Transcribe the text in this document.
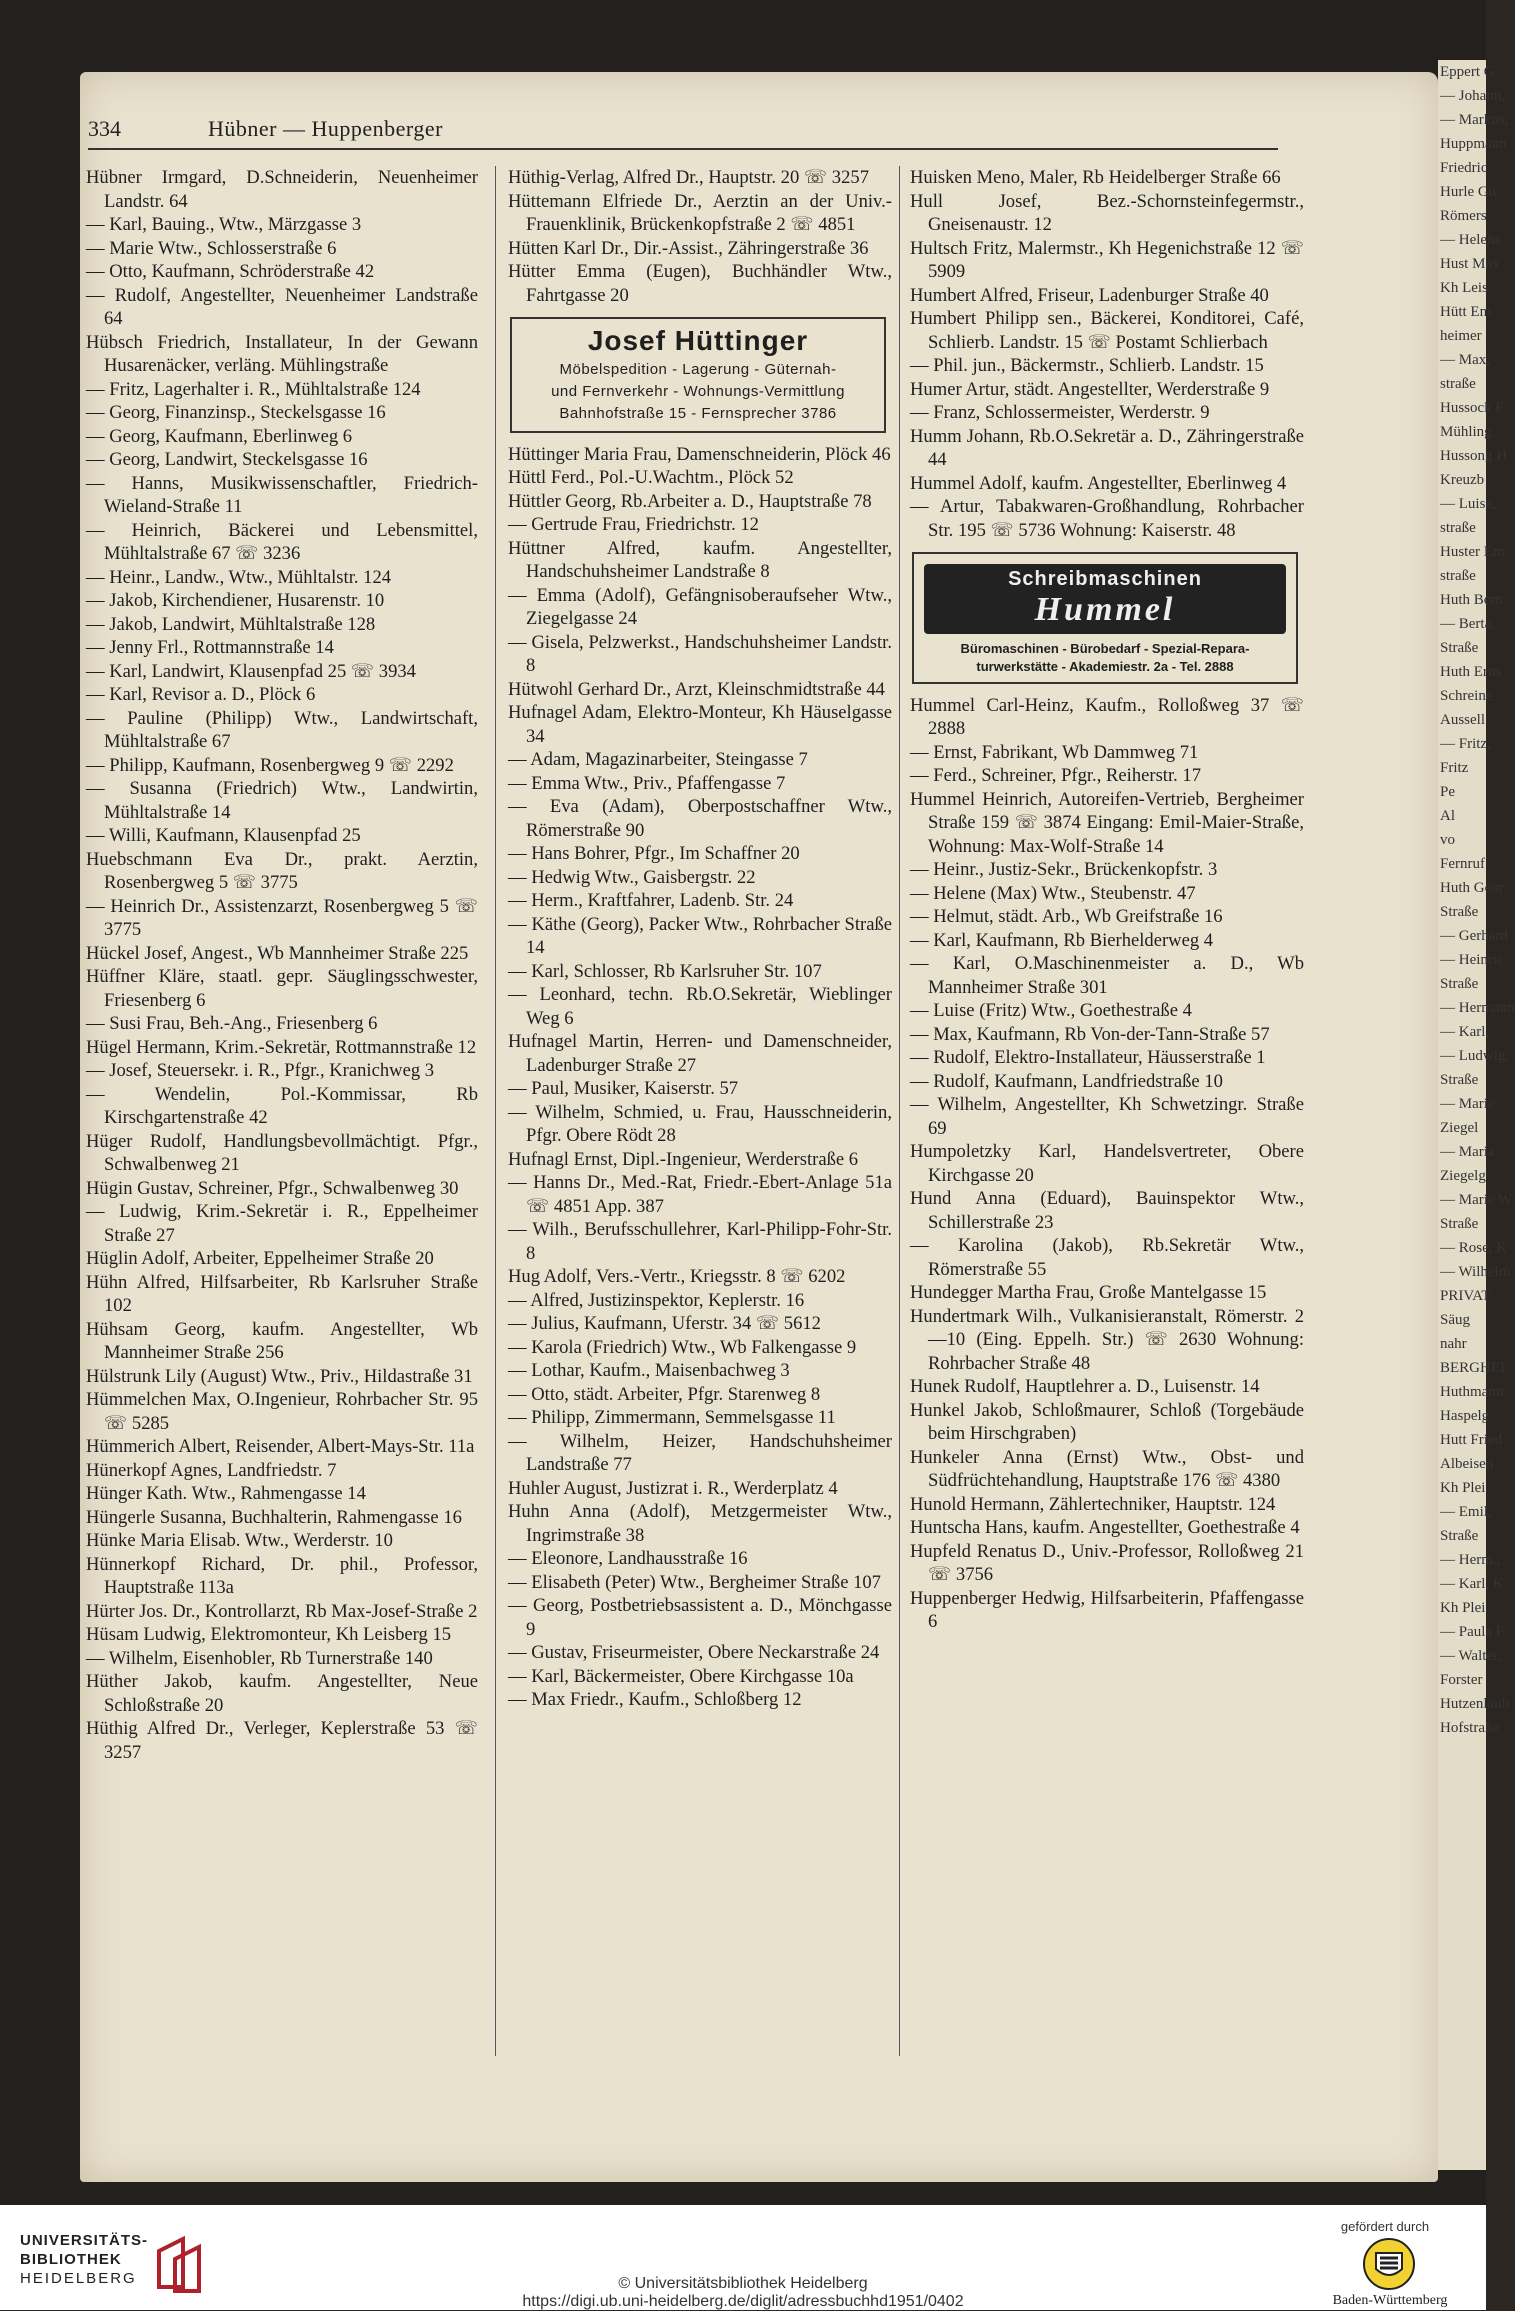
Eppert G
— Johann,
— Markus,
Huppmann
Friedric
Hurle Gu
Römers
— Helene
Hust Max
Kh Leis
Hütt Em
heimer
— Max,
straße
Hussock F
Mühling
Hussong H
Kreuzb
— Luise,
straße
Huster Em
straße
Huth Bern
— Berta,
Straße
Huth Erns
Schreine
Aussell
— Fritz,
Fritz
Pe
Al
vo
Fernruf
Huth Geor
Straße
— Gerhard
— Heinric
Straße
— Hermann
— Karl,
— Ludwig,
Straße
— Marie
Ziegel
— Maria
Ziegelg
— Marie W
Straße
— Rose, K
— Wilhelm
PRIVAT
Säug
nahr
BERGHEI
Huthmann
Haspelg
Hutt Fried
Albeisen
Kh Plei
— Emil,
Straße
— Herm.,
— Karl, K
Kh Plei
— Paula F
— Walter,
Forster
Hutzenlaub
Hofstraße
334	Hübner — Huppenberger

Hübner Irmgard, D.Schneiderin, Neuenheimer Landstr. 64

— Karl, Bauing., Wtw., Märzgasse 3

— Marie Wtw., Schlosserstraße 6

— Otto, Kaufmann, Schröderstraße 42

— Rudolf, Angestellter, Neuenheimer Landstraße 64

Hübsch Friedrich, Installateur, In der Gewann Husarenäcker, verläng. Mühlingstraße

— Fritz, Lagerhalter i. R., Mühltalstraße 124

— Georg, Finanzinsp., Steckelsgasse 16

— Georg, Kaufmann, Eberlinweg 6

— Georg, Landwirt, Steckelsgasse 16

— Hanns, Musikwissenschaftler, Friedrich-Wieland-Straße 11

— Heinrich, Bäckerei und Lebensmittel, Mühltalstraße 67 ☏ 3236

— Heinr., Landw., Wtw., Mühltalstr. 124

— Jakob, Kirchendiener, Husarenstr. 10

— Jakob, Landwirt, Mühltalstraße 128

— Jenny Frl., Rottmannstraße 14

— Karl, Landwirt, Klausenpfad 25 ☏ 3934

— Karl, Revisor a. D., Plöck 6

— Pauline (Philipp) Wtw., Landwirtschaft, Mühltalstraße 67

— Philipp, Kaufmann, Rosenbergweg 9 ☏ 2292

— Susanna (Friedrich) Wtw., Landwirtin, Mühltalstraße 14

— Willi, Kaufmann, Klausenpfad 25

Huebschmann Eva Dr., prakt. Aerztin, Rosenbergweg 5 ☏ 3775

— Heinrich Dr., Assistenzarzt, Rosenbergweg 5 ☏ 3775

Hückel Josef, Angest., Wb Mannheimer Straße 225

Hüffner Kläre, staatl. gepr. Säuglingsschwester, Friesenberg 6

— Susi Frau, Beh.-Ang., Friesenberg 6

Hügel Hermann, Krim.-Sekretär, Rottmannstraße 12

— Josef, Steuersekr. i. R., Pfgr., Kranichweg 3

— Wendelin, Pol.-Kommissar, Rb Kirschgartenstraße 42

Hüger Rudolf, Handlungsbevollmächtigt. Pfgr., Schwalbenweg 21

Hügin Gustav, Schreiner, Pfgr., Schwalbenweg 30

— Ludwig, Krim.-Sekretär i. R., Eppelheimer Straße 27

Hüglin Adolf, Arbeiter, Eppelheimer Straße 20

Hühn Alfred, Hilfsarbeiter, Rb Karlsruher Straße 102

Hühsam Georg, kaufm. Angestellter, Wb Mannheimer Straße 256

Hülstrunk Lily (August) Wtw., Priv., Hildastraße 31

Hümmelchen Max, O.Ingenieur, Rohrbacher Str. 95 ☏ 5285

Hümmerich Albert, Reisender, Albert-Mays-Str. 11a

Hünerkopf Agnes, Landfriedstr. 7

Hünger Kath. Wtw., Rahmengasse 14

Hüngerle Susanna, Buchhalterin, Rahmengasse 16

Hünke Maria Elisab. Wtw., Werderstr. 10

Hünnerkopf Richard, Dr. phil., Professor, Hauptstraße 113a

Hürter Jos. Dr., Kontrollarzt, Rb Max-Josef-Straße 2

Hüsam Ludwig, Elektromonteur, Kh Leisberg 15

— Wilhelm, Eisenhobler, Rb Turnerstraße 140

Hüther Jakob, kaufm. Angestellter, Neue Schloßstraße 20

Hüthig Alfred Dr., Verleger, Keplerstraße 53 ☏ 3257

Hüthig-Verlag, Alfred Dr., Hauptstr. 20 ☏ 3257

Hüttemann Elfriede Dr., Aerztin an der Univ.-Frauenklinik, Brückenkopfstraße 2 ☏ 4851

Hütten Karl Dr., Dir.-Assist., Zähringerstraße 36

Hütter Emma (Eugen), Buchhändler Wtw., Fahrtgasse 20

Josef Hüttinger
Möbelspedition - Lagerung - Güternah-
und Fernverkehr - Wohnungs-Vermittlung
Bahnhofstraße 15 - Fernsprecher 3786

Hüttinger Maria Frau, Damenschneiderin, Plöck 46

Hüttl Ferd., Pol.-U.Wachtm., Plöck 52

Hüttler Georg, Rb.Arbeiter a. D., Hauptstraße 78

— Gertrude Frau, Friedrichstr. 12

Hüttner Alfred, kaufm. Angestellter, Handschuhsheimer Landstraße 8

— Emma (Adolf), Gefängnisoberaufseher Wtw., Ziegelgasse 24

— Gisela, Pelzwerkst., Handschuhsheimer Landstr. 8

Hütwohl Gerhard Dr., Arzt, Kleinschmidtstraße 44

Hufnagel Adam, Elektro-Monteur, Kh Häuselgasse 34

— Adam, Magazinarbeiter, Steingasse 7

— Emma Wtw., Priv., Pfaffengasse 7

— Eva (Adam), Oberpostschaffner Wtw., Römerstraße 90

— Hans Bohrer, Pfgr., Im Schaffner 20

— Hedwig Wtw., Gaisbergstr. 22

— Herm., Kraftfahrer, Ladenb. Str. 24

— Käthe (Georg), Packer Wtw., Rohrbacher Straße 14

— Karl, Schlosser, Rb Karlsruher Str. 107

— Leonhard, techn. Rb.O.Sekretär, Wieblinger Weg 6

Hufnagel Martin, Herren- und Damenschneider, Ladenburger Straße 27

— Paul, Musiker, Kaiserstr. 57

— Wilhelm, Schmied, u. Frau, Hausschneiderin, Pfgr. Obere Rödt 28

Hufnagl Ernst, Dipl.-Ingenieur, Werderstraße 6

— Hanns Dr., Med.-Rat, Friedr.-Ebert-Anlage 51a ☏ 4851 App. 387

— Wilh., Berufsschullehrer, Karl-Philipp-Fohr-Str. 8

Hug Adolf, Vers.-Vertr., Kriegsstr. 8 ☏ 6202

— Alfred, Justizinspektor, Keplerstr. 16

— Julius, Kaufmann, Uferstr. 34 ☏ 5612

— Karola (Friedrich) Wtw., Wb Falkengasse 9

— Lothar, Kaufm., Maisenbachweg 3

— Otto, städt. Arbeiter, Pfgr. Starenweg 8

— Philipp, Zimmermann, Semmelsgasse 11

— Wilhelm, Heizer, Handschuhsheimer Landstraße 77

Huhler August, Justizrat i. R., Werderplatz 4

Huhn Anna (Adolf), Metzgermeister Wtw., Ingrimstraße 38

— Eleonore, Landhausstraße 16

— Elisabeth (Peter) Wtw., Bergheimer Straße 107

— Georg, Postbetriebsassistent a. D., Mönchgasse 9

— Gustav, Friseurmeister, Obere Neckarstraße 24

— Karl, Bäckermeister, Obere Kirchgasse 10a

— Max Friedr., Kaufm., Schloßberg 12

Huisken Meno, Maler, Rb Heidelberger Straße 66

Hull Josef, Bez.-Schornsteinfegermstr., Gneisenaustr. 12

Hultsch Fritz, Malermstr., Kh Hegenichstraße 12 ☏ 5909

Humbert Alfred, Friseur, Ladenburger Straße 40

Humbert Philipp sen., Bäckerei, Konditorei, Café, Schlierb. Landstr. 15 ☏ Postamt Schlierbach

— Phil. jun., Bäckermstr., Schlierb. Landstr. 15

Humer Artur, städt. Angestellter, Werderstraße 9

— Franz, Schlossermeister, Werderstr. 9

Humm Johann, Rb.O.Sekretär a. D., Zähringerstraße 44

Hummel Adolf, kaufm. Angestellter, Eberlinweg 4

— Artur, Tabakwaren-Großhandlung, Rohrbacher Str. 195 ☏ 5736 Wohnung: Kaiserstr. 48

Schreibmaschinen
Hummel
Büromaschinen - Bürobedarf - Spezial-Repara-
turwerkstätte - Akademiestr. 2a - Tel. 2888

Hummel Carl-Heinz, Kaufm., Rolloßweg 37 ☏ 2888

— Ernst, Fabrikant, Wb Dammweg 71

— Ferd., Schreiner, Pfgr., Reiherstr. 17

Hummel Heinrich, Autoreifen-Vertrieb, Bergheimer Straße 159 ☏ 3874 Eingang: Emil-Maier-Straße, Wohnung: Max-Wolf-Straße 14

— Heinr., Justiz-Sekr., Brückenkopfstr. 3

— Helene (Max) Wtw., Steubenstr. 47

— Helmut, städt. Arb., Wb Greifstraße 16

— Karl, Kaufmann, Rb Bierhelderweg 4

— Karl, O.Maschinenmeister a. D., Wb Mannheimer Straße 301

— Luise (Fritz) Wtw., Goethestraße 4

— Max, Kaufmann, Rb Von-der-Tann-Straße 57

— Rudolf, Elektro-Installateur, Häusserstraße 1

— Rudolf, Kaufmann, Landfriedstraße 10

— Wilhelm, Angestellter, Kh Schwetzingr. Straße 69

Humpoletzky Karl, Handelsvertreter, Obere Kirchgasse 20

Hund Anna (Eduard), Bauinspektor Wtw., Schillerstraße 23

— Karolina (Jakob), Rb.Sekretär Wtw., Römerstraße 55

Hundegger Martha Frau, Große Mantelgasse 15

Hundertmark Wilh., Vulkanisieranstalt, Römerstr. 2—10 (Eing. Eppelh. Str.) ☏ 2630 Wohnung: Rohrbacher Straße 48

Hunek Rudolf, Hauptlehrer a. D., Luisenstr. 14

Hunkel Jakob, Schloßmaurer, Schloß (Torgebäude beim Hirschgraben)

Hunkeler Anna (Ernst) Wtw., Obst- und Südfrüchtehandlung, Hauptstraße 176 ☏ 4380

Hunold Hermann, Zählertechniker, Hauptstr. 124

Huntscha Hans, kaufm. Angestellter, Goethestraße 4

Hupfeld Renatus D., Univ.-Professor, Rolloßweg 21 ☏ 3756

Huppenberger Hedwig, Hilfsarbeiterin, Pfaffengasse 6

UNIVERSITÄTS-
BIBLIOTHEK
HEIDELBERG	© Universitätsbibliothek Heidelberg
https://digi.ub.uni-heidelberg.de/diglit/adressbuchhd1951/0402
gefördert durch
Baden-Württemberg
